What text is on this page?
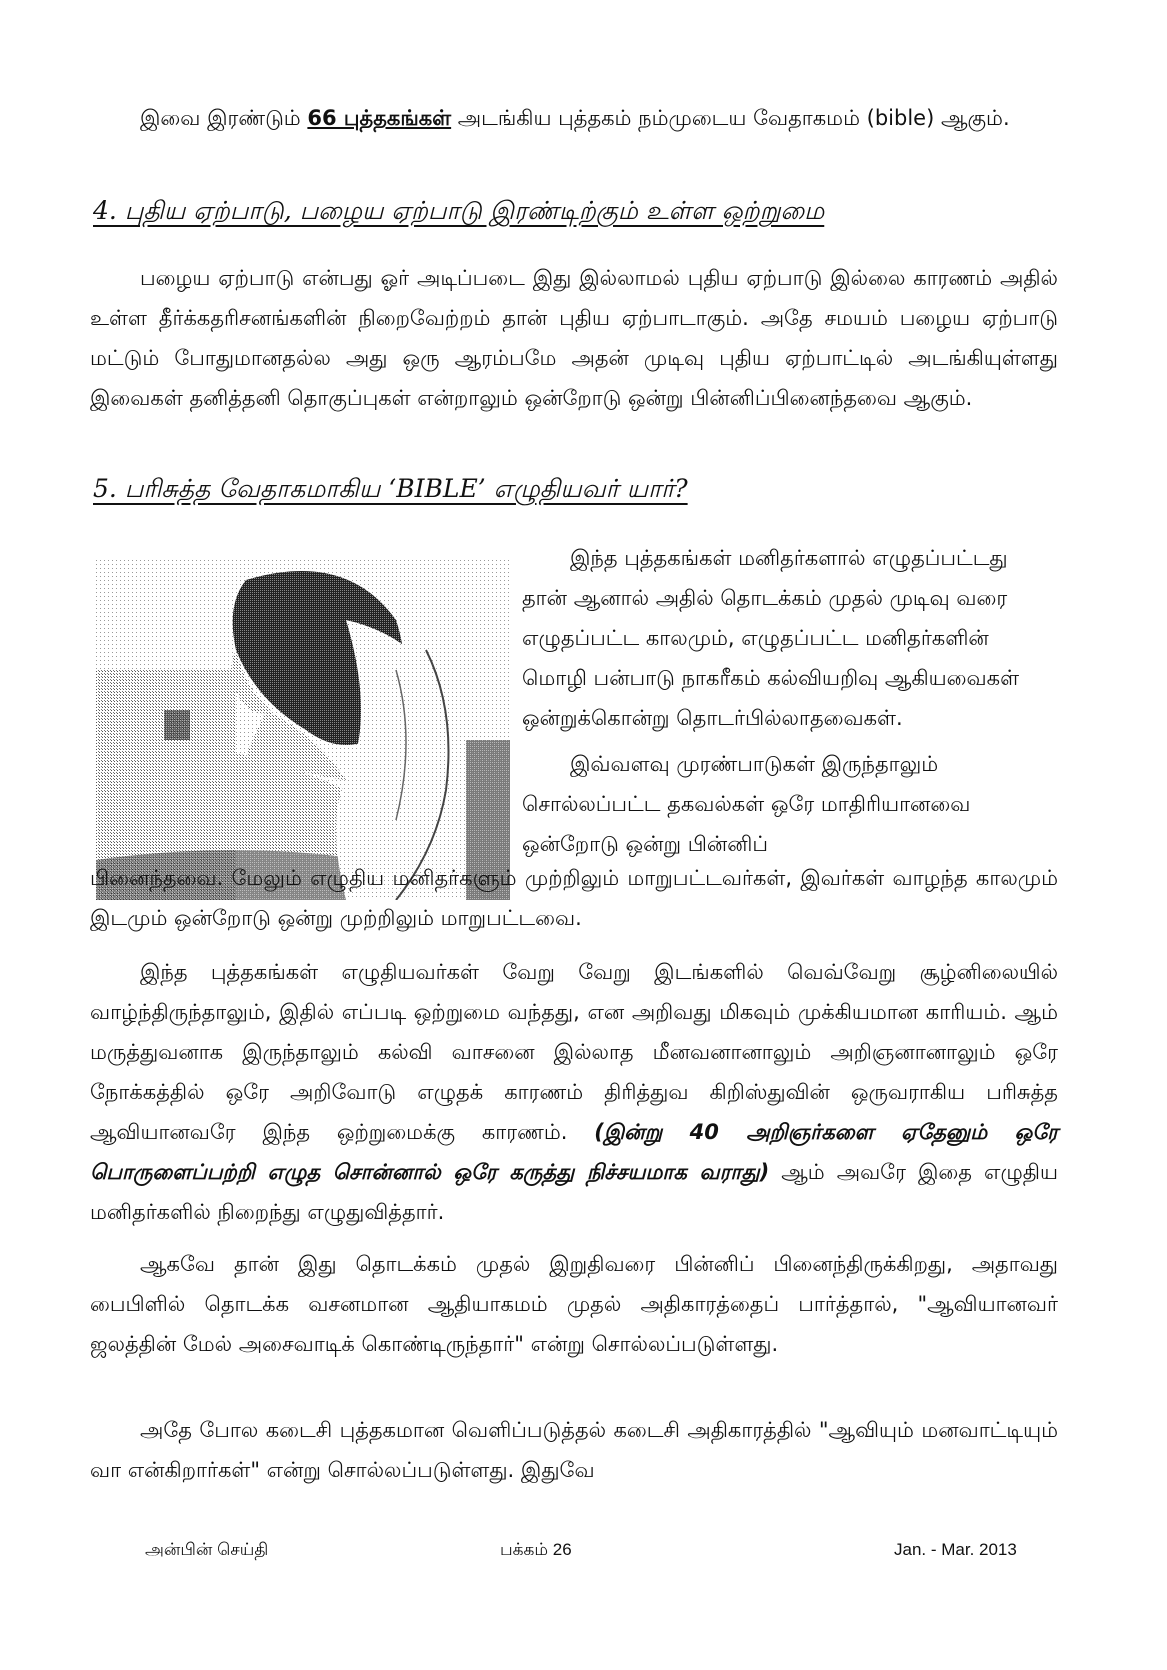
இவை இரண்டும் 66 புத்தகங்கள் அடங்கிய புத்தகம் நம்முடைய வேதாகமம் (bible) ஆகும்.

4. புதிய ஏற்பாடு, பழைய ஏற்பாடு இரண்டிற்கும் உள்ள ஒற்றுமை

பழைய ஏற்பாடு என்பது ஓர் அடிப்படை இது இல்லாமல் புதிய ஏற்பாடு இல்லை காரணம் அதில் உள்ள தீர்க்கதரிசனங்களின் நிறைவேற்றம் தான் புதிய ஏற்பாடாகும். அதே சமயம் பழைய ஏற்பாடு மட்டும் போதுமானதல்ல அது ஒரு ஆரம்பமே அதன் முடிவு புதிய ஏற்பாட்டில் அடங்கியுள்ளது இவைகள் தனித்தனி தொகுப்புகள் என்றாலும் ஒன்றோடு ஒன்று பின்னிப்பினைந்தவை ஆகும்.

5. பரிசுத்த வேதாகமாகிய ‘BIBLE’ எழுதியவர் யார்?

இந்த புத்தகங்கள் மனிதர்களால் எழுதப்பட்டது தான் ஆனால் அதில் தொடக்கம் முதல் முடிவு வரை எழுதப்பட்ட காலமும், எழுதப்பட்ட மனிதர்களின் மொழி பன்பாடு நாகரீகம் கல்வியறிவு ஆகியவைகள் ஒன்றுக்கொன்று தொடர்பில்லாதவைகள்.

இவ்வளவு முரண்பாடுகள் இருந்தாலும் சொல்லப்பட்ட தகவல்கள் ஒரே மாதிரியானவை ஒன்றோடு ஒன்று பின்னிப்

பினைந்தவை. மேலும் எழுதிய மனிதர்களும் முற்றிலும் மாறுபட்டவர்கள், இவர்கள் வாழந்த காலமும் இடமும் ஒன்றோடு ஒன்று முற்றிலும் மாறுபட்டவை.

இந்த புத்தகங்கள் எழுதியவர்கள் வேறு வேறு இடங்களில் வெவ்வேறு சூழ்னிலையில் வாழ்ந்திருந்தாலும், இதில் எப்படி ஒற்றுமை வந்தது, என அறிவது மிகவும் முக்கியமான காரியம். ஆம் மருத்துவனாக இருந்தாலும் கல்வி வாசனை இல்லாத மீனவனானாலும் அறிஞனானாலும் ஒரே நோக்கத்தில் ஒரே அறிவோடு எழுதக் காரணம் திரித்துவ கிறிஸ்துவின் ஒருவராகிய பரிசுத்த ஆவியானவரே இந்த ஒற்றுமைக்கு காரணம். (இன்று 40 அறிஞர்களை ஏதேனும் ஒரே பொருளைப்பற்றி எழுத சொன்னால் ஒரே கருத்து நிச்சயமாக வராது) ஆம் அவரே இதை எழுதிய மனிதர்களில் நிறைந்து எழுதுவித்தார்.

ஆகவே தான் இது தொடக்கம் முதல் இறுதிவரை பின்னிப் பினைந்திருக்கிறது, அதாவது பைபிளில் தொடக்க வசனமான ஆதியாகமம் முதல் அதிகாரத்தைப் பார்த்தால், "ஆவியானவர் ஜலத்தின் மேல் அசைவாடிக் கொண்டிருந்தார்" என்று சொல்லப்படுள்ளது.

அதே போல கடைசி புத்தகமான வெளிப்படுத்தல் கடைசி அதிகாரத்தில் "ஆவியும் மனவாட்டியும் வா என்கிறார்கள்" என்று சொல்லப்படுள்ளது. இதுவே

அன்பின் செய்தி	பக்கம் 26	Jan. - Mar. 2013
